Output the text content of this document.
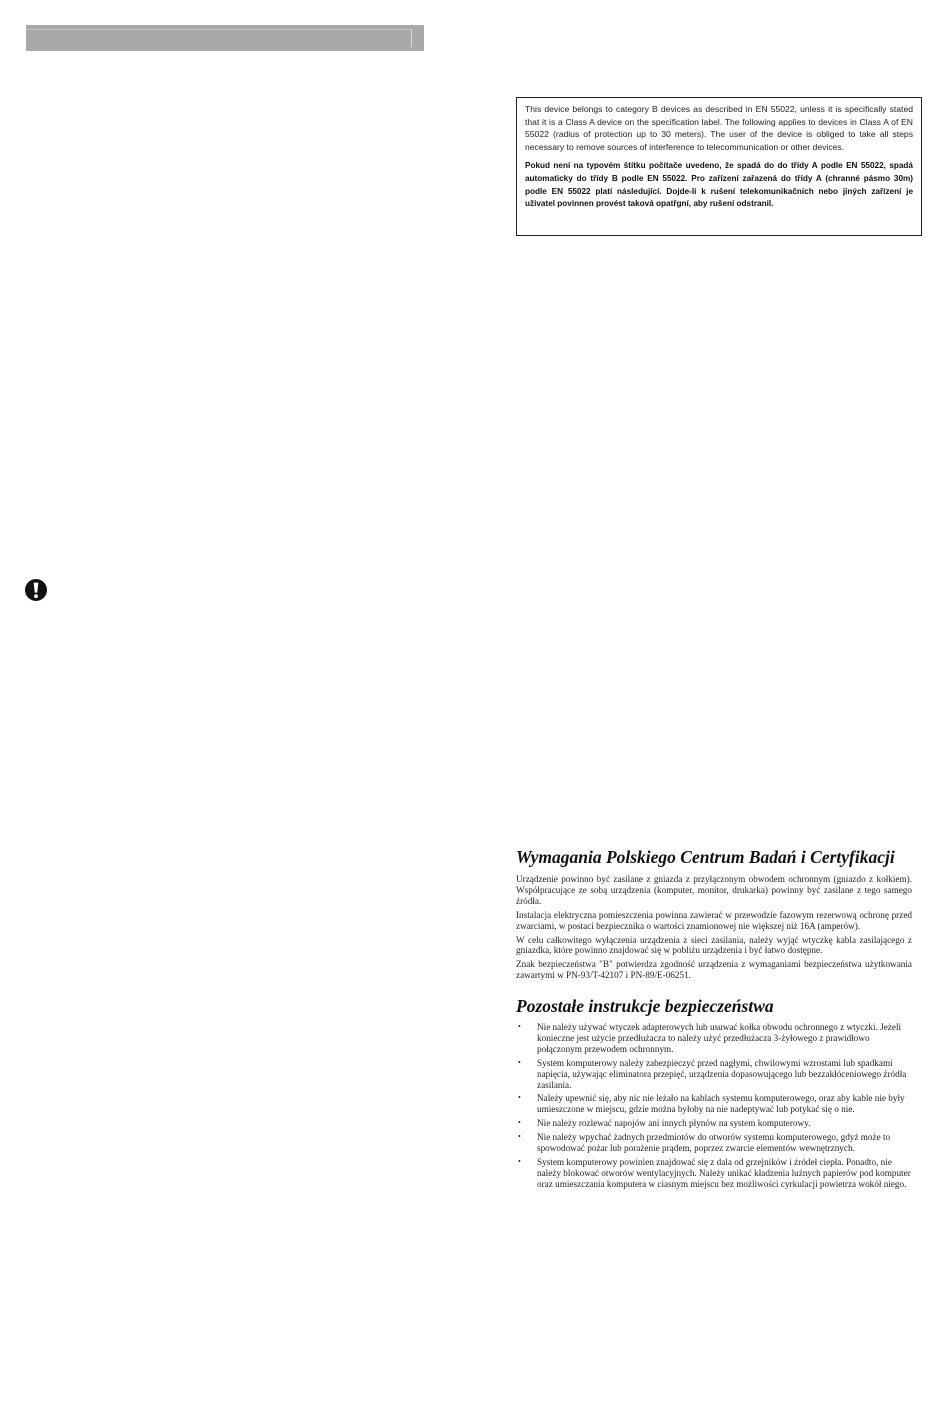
This device belongs to category B devices as described in EN 55022, unless it is specifically stated that it is a Class A device on the specification label. The following applies to devices in Class A of EN 55022 (radius of protection up to 30 meters). The user of the device is obliged to take all steps necessary to remove sources of interference to telecommunication or other devices.

Pokud není na typovém štítku počítače uvedeno, že spadá do do třídy A podle EN 55022, spadá automaticky do třídy B podle EN 55022. Pro zařízení zařazená do třídy A (chranné pásmo 30m) podle EN 55022 platí následující. Dojde-li k rušení telekomunikačních nebo jiných zařízení je uživatel povinnen provést taková opatřgní, aby rušení odstranil.

Wymagania Polskiego Centrum Badań i Certyfikacji

Urządzenie powinno być zasilane z gniazda z przyłączonym obwodem ochronnym (gniazdo z kołkiem). Współpracujące ze sobą urządzenia (komputer, monitor, drukarka) powinny być zasilane z tego samego źródła.

Instalacja elektryczna pomieszczenia powinna zawierać w przewodzie fazowym rezerwową ochronę przed zwarciami, w postaci bezpiecznika o wartości znamionowej nie większej niż 16A (amperów).

W celu całkowitego wyłączenia urządzenia z sieci zasilania, należy wyjąć wtyczkę kabla zasilającego z gniazdka, które powinno znajdować się w pobliżu urządzenia i być łatwo dostępne.

Znak bezpieczeństwa "B" potwierdza zgodność urządzenia z wymaganiami bezpieczeństwa użytkowania zawartymi w PN-93/T-42107 i PN-89/E-06251.

Pozostałe instrukcje bezpieczeństwa
• Nie należy używać wtyczek adapterowych lub usuwać kołka obwodu ochronnego z wtyczki. Jeżeli konieczne jest użycie przedłużacza to należy użyć przedłużacza 3-żyłowego z prawidłowo połączonym przewodem ochronnym.
• System komputerowy należy zabezpieczyć przed nagłymi, chwilowymi wzrostami lub spadkami napięcia, używając eliminatora przepięć, urządzenia dopasowującego lub bezzakłóceniowego źródła zasilania.
• Należy upewnić się, aby nic nie leżało na kablach systemu komputerowego, oraz aby kable nie były umieszczone w miejscu, gdzie można byłoby na nie nadeptywać lub potykać się o nie.
• Nie należy rozlewać napojów ani innych płynów na system komputerowy.
• Nie należy wpychać żadnych przedmiotów do otworów systemu komputerowego, gdyż może to spowodować pożar lub porażenie prądem, poprzez zwarcie elementów wewnętrznych.
• System komputerowy powinien znajdować się z dala od grzejników i źródeł ciepła. Ponadto, nie należy blokować otworów wentylacyjnych. Należy unikać kładzenia luźnych papierów pod komputer oraz umieszczania komputera w ciasnym miejscu bez możliwości cyrkulacji powietrza wokół niego.
